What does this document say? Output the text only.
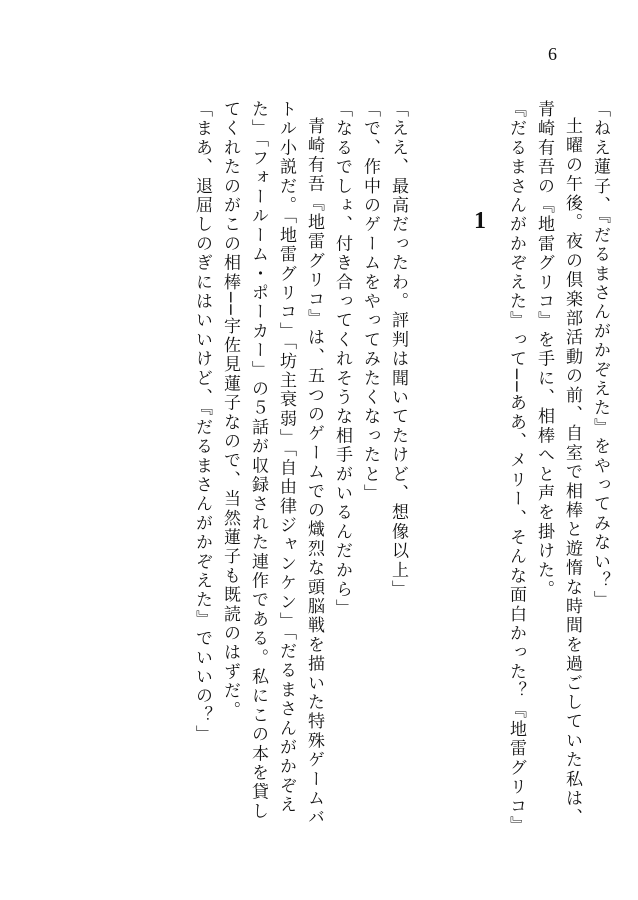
6
1	「ねえ蓮子、『だるまさんがかぞえた』をやってみない？」

土曜の午後。夜の倶楽部活動の前、自室で相棒と遊惰な時間を過ごしていた私は、青崎有吾の『地雷グリコ』を手に、相棒へと声を掛けた。

『だるまさんがかぞえた』って──ああ、メリー、そんな面白かった？『地雷グリコ』

「ええ、最高だったわ。評判は聞いてたけど、想像以上」

「で、作中のゲームをやってみたくなったと」

「なるでしょ、付き合ってくれそうな相手がいるんだから」

青崎有吾『地雷グリコ』は、五つのゲームでの熾烈な頭脳戦を描いた特殊ゲームバトル小説だ。「地雷グリコ」「坊主衰弱」「自由律ジャンケン」「だるまさんがかぞえた」「フォールーム・ポーカー」の５話が収録された連作である。私にこの本を貸してくれたのがこの相棒──宇佐見蓮子なので、当然蓮子も既読のはずだ。

「まあ、退屈しのぎにはいいけど、『だるまさんがかぞえた』でいいの？」
